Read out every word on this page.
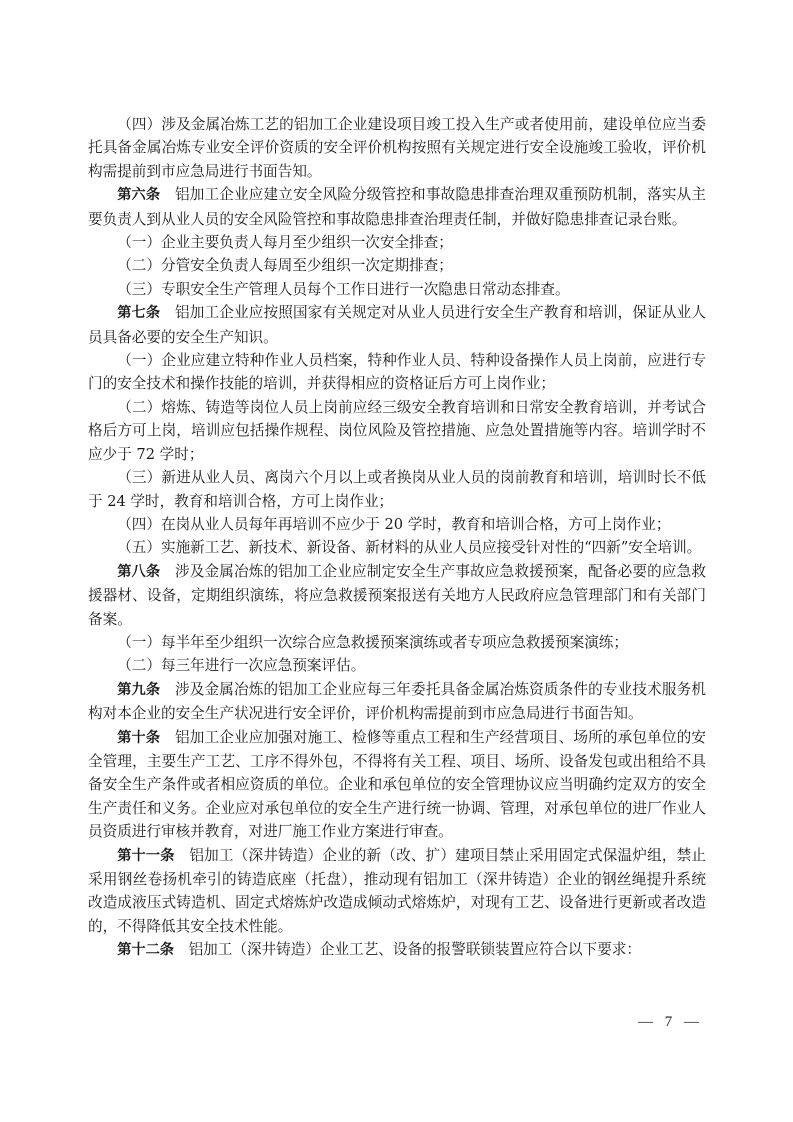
（四）涉及金属冶炼工艺的铝加工企业建设项目竣工投入生产或者使用前，建设单位应当委托具备金属冶炼专业安全评价资质的安全评价机构按照有关规定进行安全设施竣工验收，评价机构需提前到市应急局进行书面告知。

第六条　 铝加工企业应建立安全风险分级管控和事故隐患排查治理双重预防机制，落实从主要负责人到从业人员的安全风险管控和事故隐患排查治理责任制，并做好隐患排查记录台账。

（一）企业主要负责人每月至少组织一次安全排查；

（二）分管安全负责人每周至少组织一次定期排查；

（三）专职安全生产管理人员每个工作日进行一次隐患日常动态排查。

第七条　 铝加工企业应按照国家有关规定对从业人员进行安全生产教育和培训，保证从业人员具备必要的安全生产知识。

（一）企业应建立特种作业人员档案，特种作业人员、特种设备操作人员上岗前，应进行专门的安全技术和操作技能的培训，并获得相应的资格证后方可上岗作业；

（二）熔炼、铸造等岗位人员上岗前应经三级安全教育培训和日常安全教育培训，并考试合格后方可上岗，培训应包括操作规程、岗位风险及管控措施、应急处置措施等内容。培训学时不应少于 72 学时；

（三）新进从业人员、离岗六个月以上或者换岗从业人员的岗前教育和培训，培训时长不低于 24 学时，教育和培训合格，方可上岗作业；

（四）在岗从业人员每年再培训不应少于 20 学时，教育和培训合格，方可上岗作业；

（五）实施新工艺、新技术、新设备、新材料的从业人员应接受针对性的“四新”安全培训。

第八条　 涉及金属冶炼的铝加工企业应制定安全生产事故应急救援预案，配备必要的应急救援器材、设备，定期组织演练，将应急救援预案报送有关地方人民政府应急管理部门和有关部门备案。

（一）每半年至少组织一次综合应急救援预案演练或者专项应急救援预案演练；

（二）每三年进行一次应急预案评估。

第九条　 涉及金属冶炼的铝加工企业应每三年委托具备金属冶炼资质条件的专业技术服务机构对本企业的安全生产状况进行安全评价，评价机构需提前到市应急局进行书面告知。

第十条　 铝加工企业应加强对施工、检修等重点工程和生产经营项目、场所的承包单位的安全管理，主要生产工艺、工序不得外包，不得将有关工程、项目、场所、设备发包或出租给不具备安全生产条件或者相应资质的单位。企业和承包单位的安全管理协议应当明确约定双方的安全生产责任和义务。企业应对承包单位的安全生产进行统一协调、管理，对承包单位的进厂作业人员资质进行审核并教育，对进厂施工作业方案进行审查。

第十一条　 铝加工（深井铸造）企业的新（改、扩）建项目禁止采用固定式保温炉组，禁止采用钢丝卷扬机牵引的铸造底座（托盘），推动现有铝加工（深井铸造）企业的钢丝绳提升系统改造成液压式铸造机、固定式熔炼炉改造成倾动式熔炼炉，对现有工艺、设备进行更新或者改造的，不得降低其安全技术性能。

第十二条　 铝加工（深井铸造）企业工艺、设备的报警联锁装置应符合以下要求：

— 7 —
